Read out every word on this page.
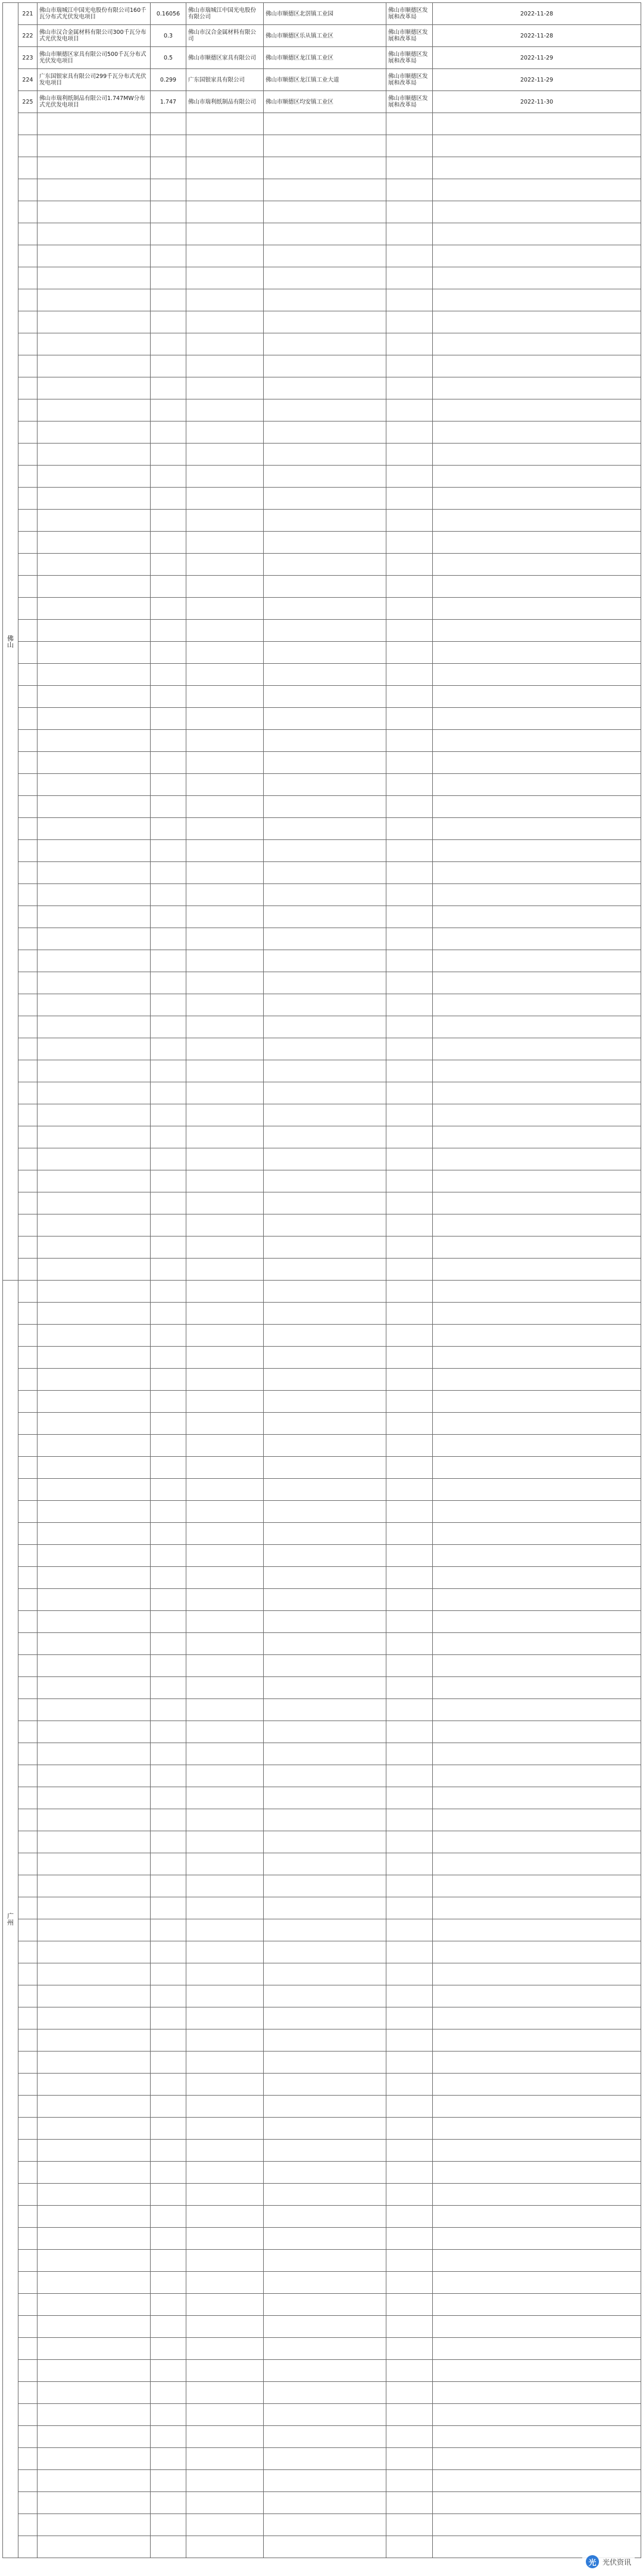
佛山	221	佛山市瑞城江中国光电股份有限公司160千瓦分布式光伏发电项目	0.16056	佛山市瑞城江中国光电股份有限公司	佛山市顺德区北滘镇工业园	佛山市顺德区发展和改革局	2022-11-28
	222	佛山市汉合金属材料有限公司300千瓦分布式光伏发电项目	0.3	佛山市汉合金属材料有限公司	佛山市顺德区乐从镇工业区	佛山市顺德区发展和改革局	2022-11-28
	223	佛山市顺德区家具有限公司500千瓦分布式光伏发电项目	0.5	佛山市顺德区家具有限公司	佛山市顺德区龙江镇工业区	佛山市顺德区发展和改革局	2022-11-29
	224	广东国银家具有限公司299千瓦分布式光伏发电项目	0.299	广东国银家具有限公司	佛山市顺德区龙江镇工业大道	佛山市顺德区发展和改革局	2022-11-29
	225	佛山市瑞利纸制品有限公司1.747MW分布式光伏发电项目	1.747	佛山市瑞利纸制品有限公司	佛山市顺德区均安镇工业区	佛山市顺德区发展和改革局	2022-11-30

广州							

光 光伏资讯
